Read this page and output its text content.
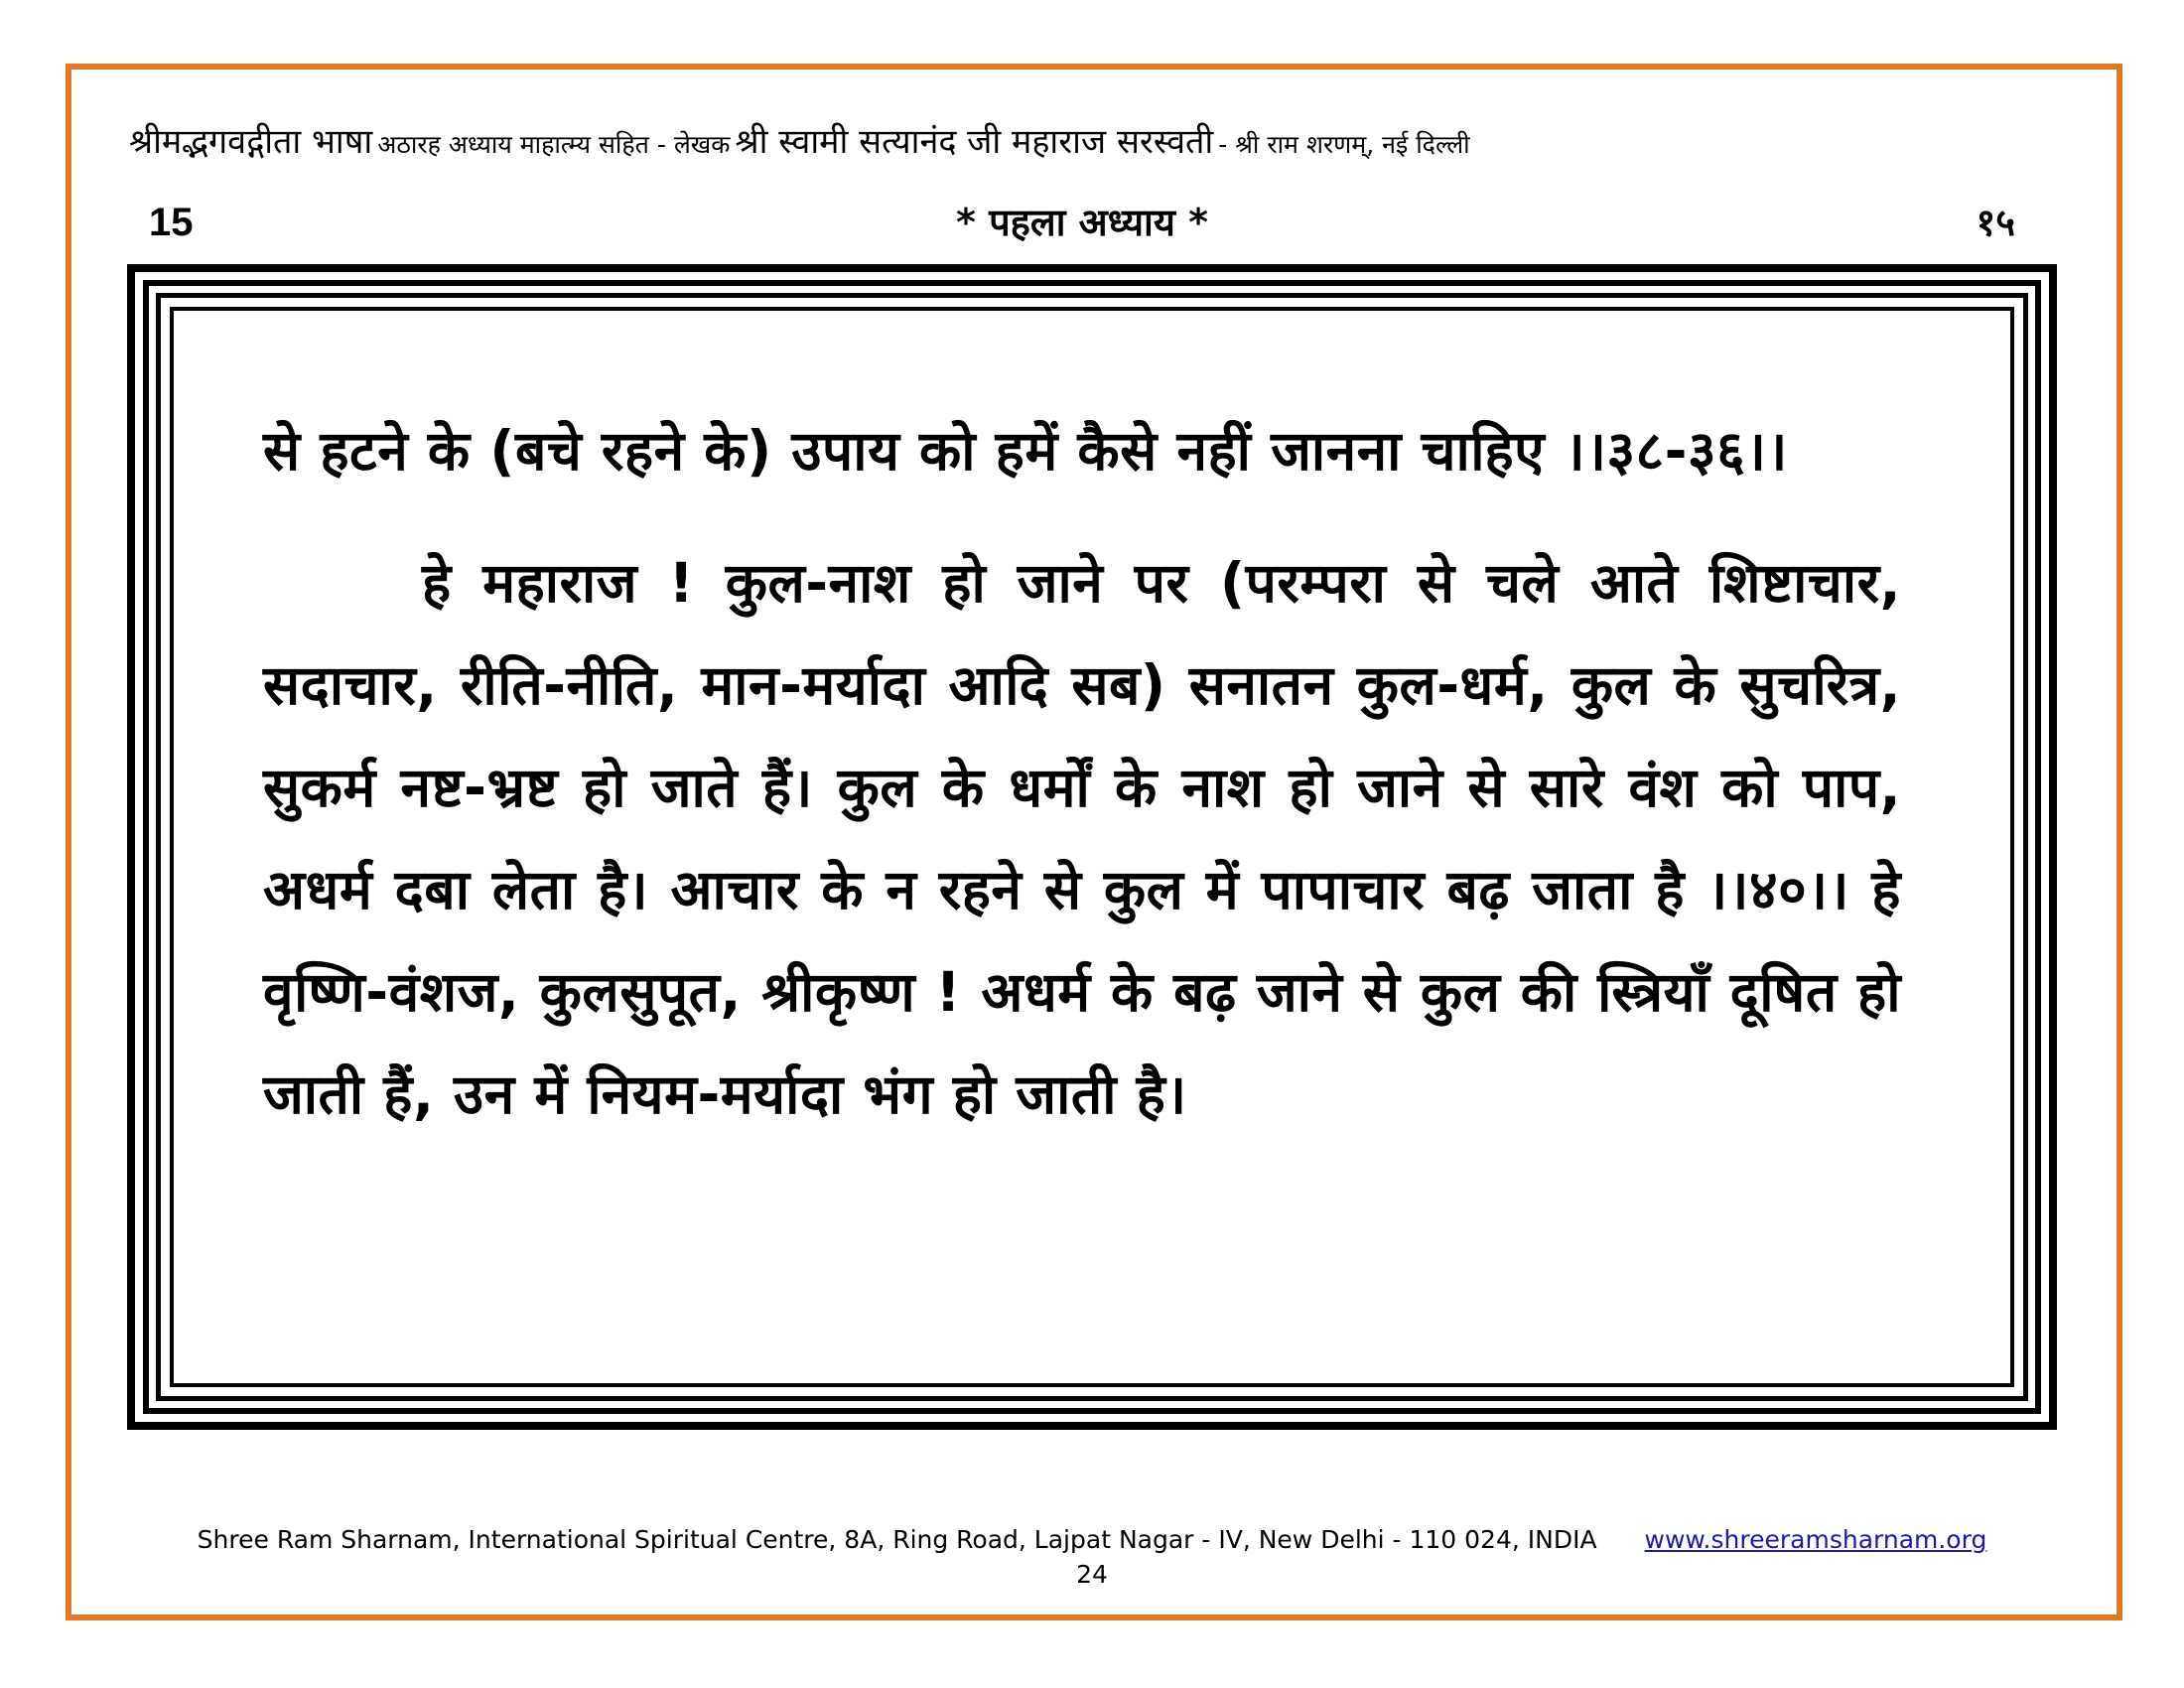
श्रीमद्भगवद्गीता भाषा अठारह अध्याय माहात्म्य सहित - लेखक श्री स्वामी सत्यानंद जी महाराज सरस्वती - श्री राम शरणम्, नई दिल्ली
15	* पहला अध्याय *	१५

से हटने के (बचे रहने के) उपाय को हमें कैसे नहीं जानना चाहिए ।।३८-३६।।

हे महाराज ! कुल-नाश हो जाने पर (परम्परा से चले आते शिष्टाचार, सदाचार, रीति-नीति, मान-मर्यादा आदि सब) सनातन कुल-धर्म, कुल के सुचरित्र, सुकर्म नष्ट-भ्रष्ट हो जाते हैं। कुल के धर्मों के नाश हो जाने से सारे वंश को पाप, अधर्म दबा लेता है। आचार के न रहने से कुल में पापाचार बढ़ जाता है ।।४०।। हे वृष्णि-वंशज, कुलसुपूत, श्रीकृष्ण ! अधर्म के बढ़ जाने से कुल की स्त्रियाँ दूषित हो जाती हैं, उन में नियम-मर्यादा भंग हो जाती है।

Shree Ram Sharnam, International Spiritual Centre, 8A, Ring Road, Lajpat Nagar - IV, New Delhi - 110 024, INDIA www.shreeramsharnam.org
24
